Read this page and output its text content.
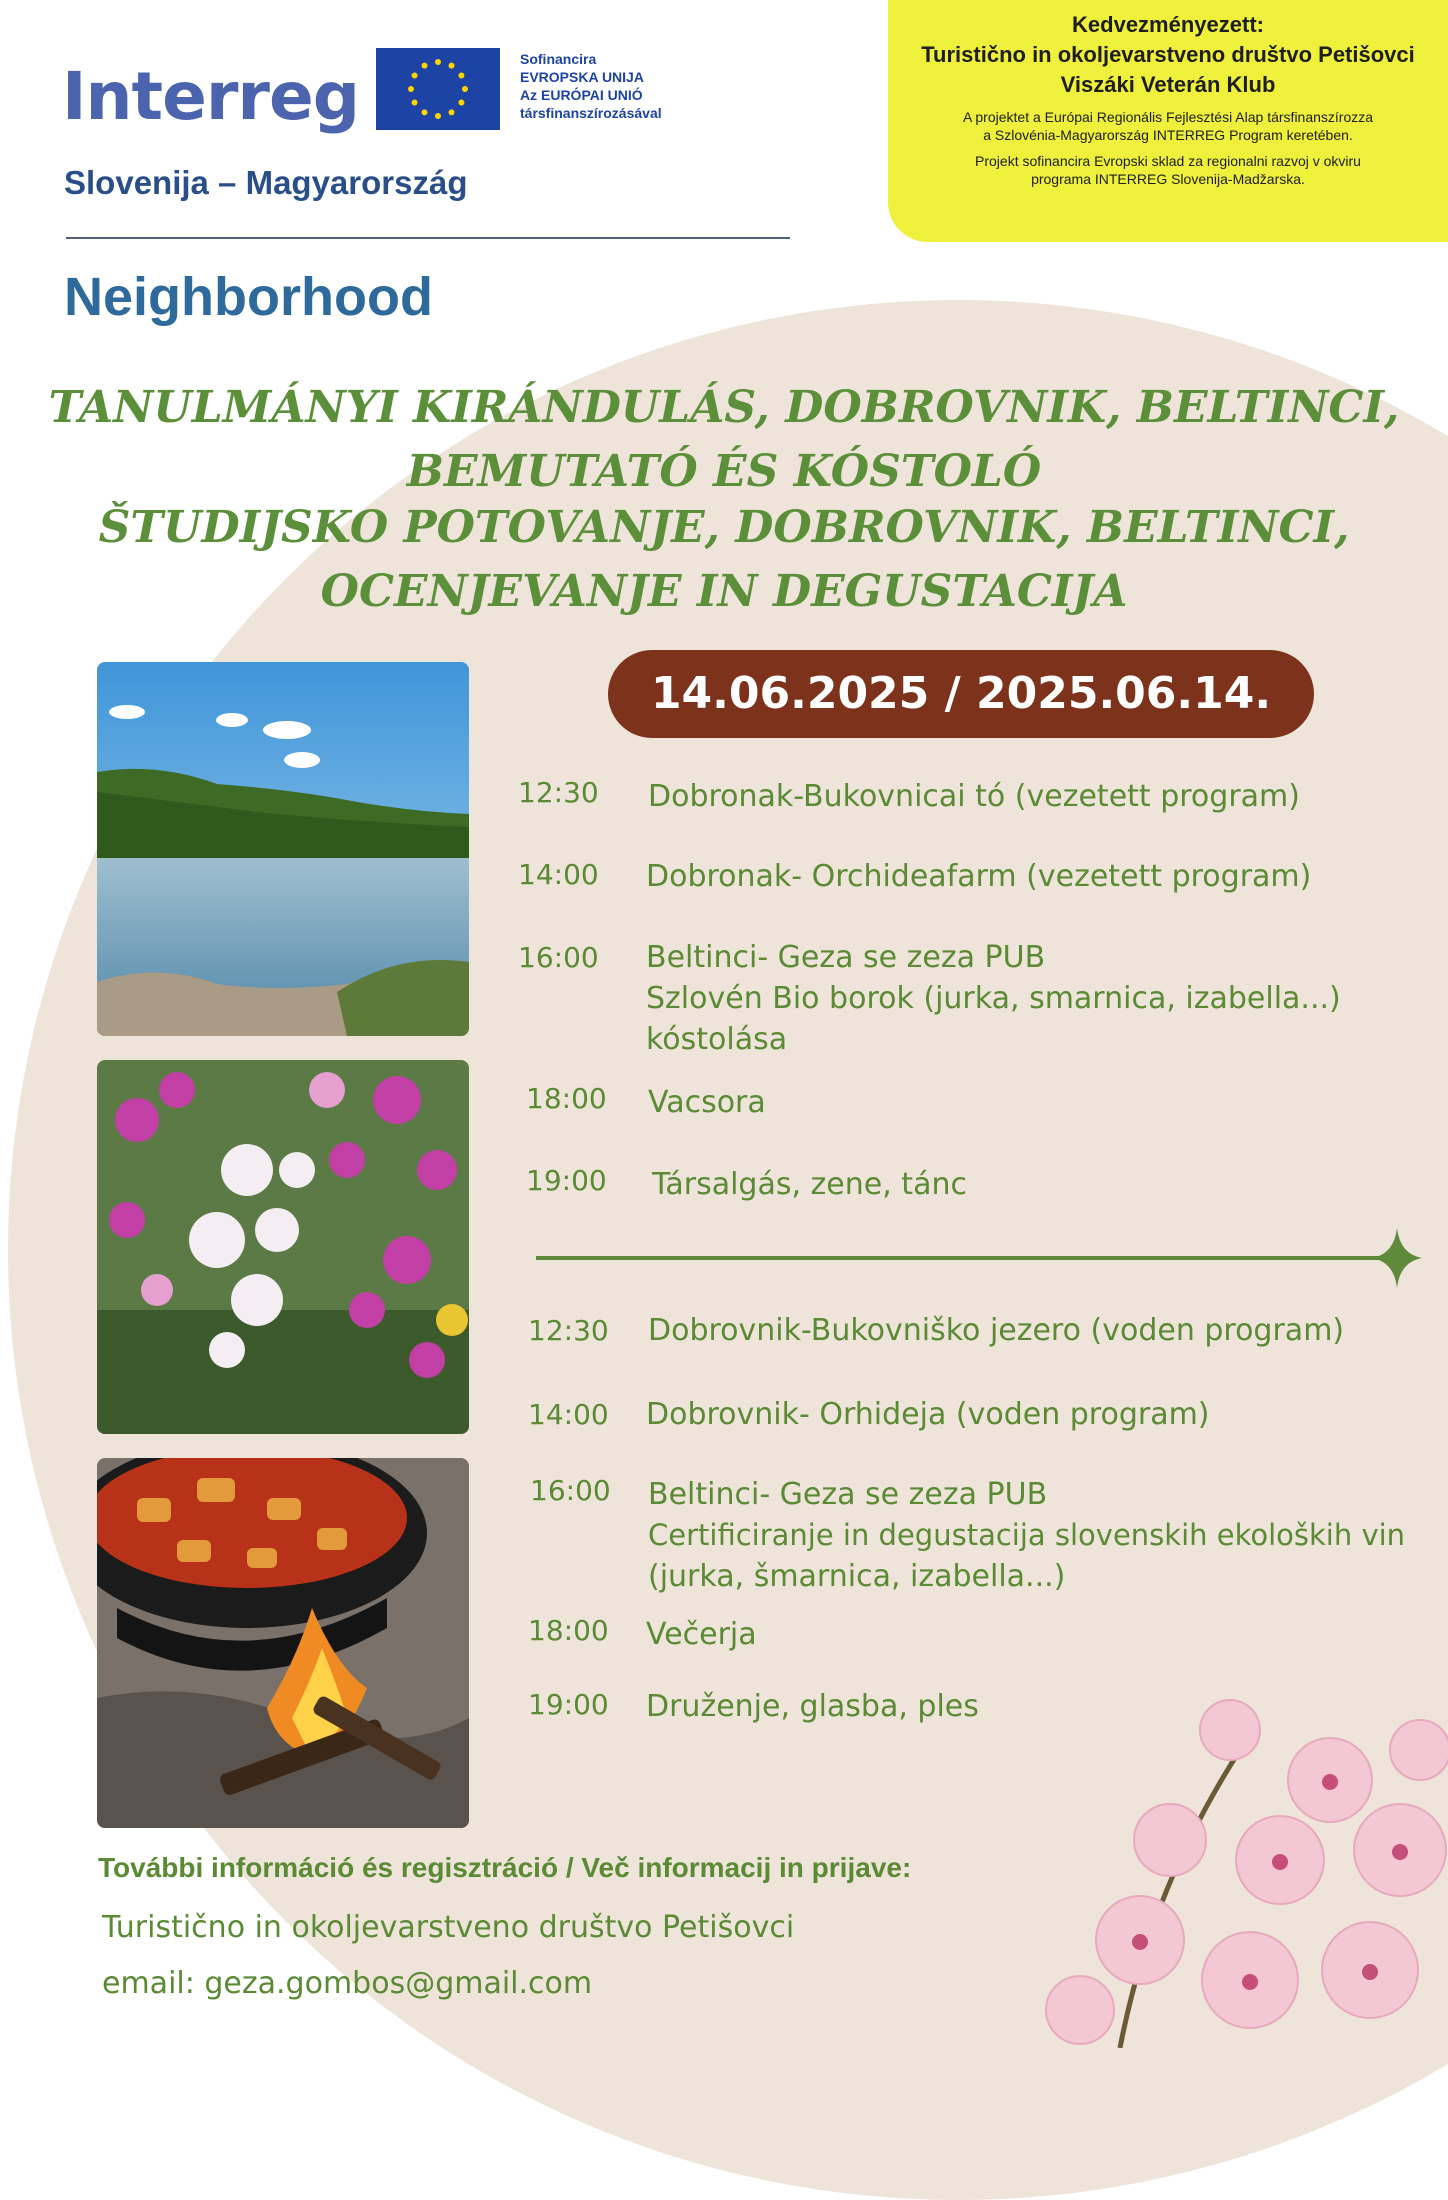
Interreg	Sofinancira
EVROPSKA UNIJA
Az EURÓPAI UNIÓ
társfinanszírozásával
Slovenija – Magyarország
Neighborhood
Kedvezményezett:
Turistično in okoljevarstveno društvo Petišovci
Viszáki Veterán Klub
A projektet a Európai Regionális Fejlesztési Alap társfinanszírozza
a Szlovénia-Magyarország INTERREG Program keretében.
Projekt sofinancira Evropski sklad za regionalni razvoj v okviru
programa INTERREG Slovenija-Madžarska.
TANULMÁNYI KIRÁNDULÁS, DOBROVNIK, BELTINCI,
BEMUTATÓ ÉS KÓSTOLÓ
ŠTUDIJSKO POTOVANJE, DOBROVNIK, BELTINCI,
OCENJEVANJE IN DEGUSTACIJA
14.06.2025 / 2025.06.14.
12:30 Dobronak-Bukovnicai tó (vezetett program)
14:00 Dobronak- Orchideafarm (vezetett program)
16:00 Beltinci- Geza se zeza PUB
Szlovén Bio borok (jurka, smarnica, izabella...)
kóstolása
18:00 Vacsora
19:00 Társalgás, zene, tánc
12:30 Dobrovnik-Bukovniško jezero (voden program)
14:00 Dobrovnik- Orhideja (voden program)
16:00 Beltinci- Geza se zeza PUB
Certificiranje in degustacija slovenskih ekoloških vin
(jurka, šmarnica, izabella...)
18:00 Večerja
19:00 Druženje, glasba, ples
További információ és regisztráció / Več informacij in prijave:
Turistično in okoljevarstveno društvo Petišovci
email: geza.gombos@gmail.com
